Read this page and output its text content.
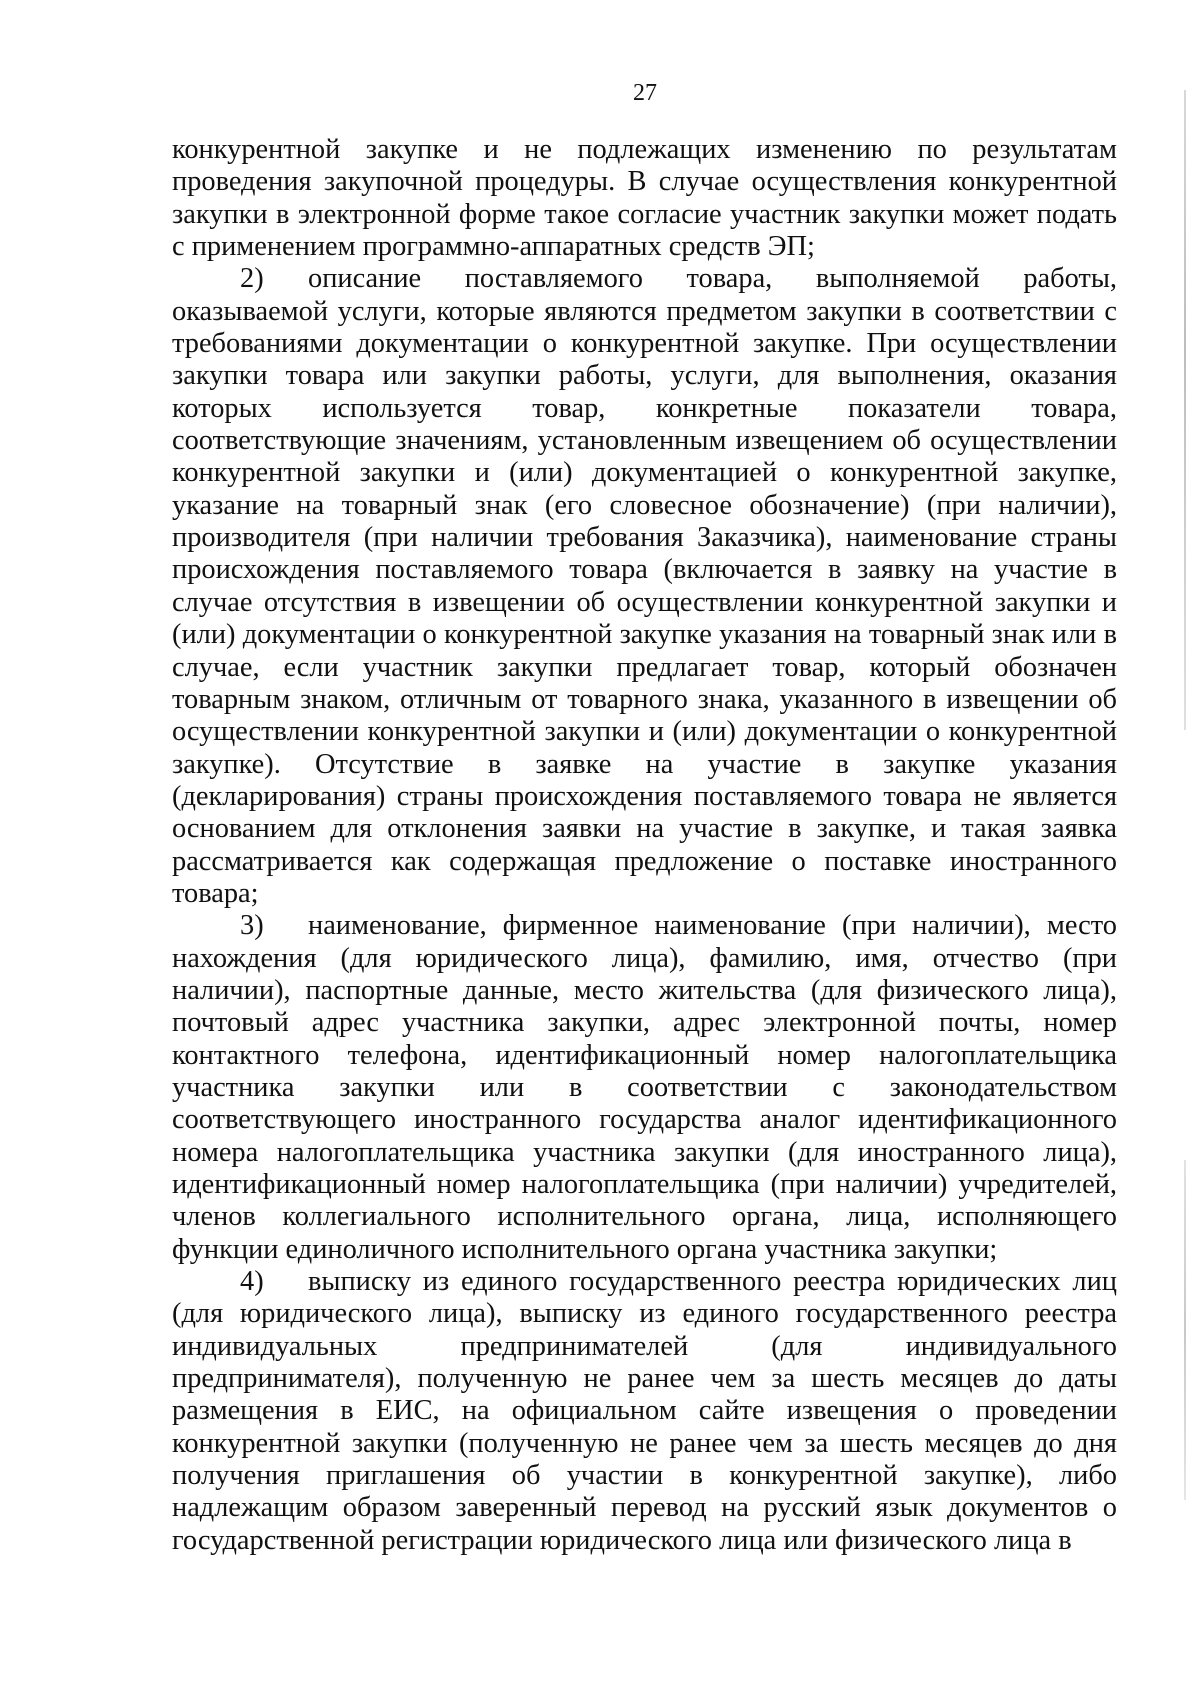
27

конкурентной закупке и не подлежащих изменению по результатам проведения закупочной процедуры. В случае осуществления конкурентной закупки в электронной форме такое согласие участник закупки может подать с применением программно-аппаратных средств ЭП;

2) описание поставляемого товара, выполняемой работы, оказываемой услуги, которые являются предметом закупки в соответствии с требованиями документации о конкурентной закупке. При осуществлении закупки товара или закупки работы, услуги, для выполнения, оказания которых используется товар, конкретные показатели товара, соответствующие значениям, установленным извещением об осуществлении конкурентной закупки и (или) документацией о конкурентной закупке, указание на товарный знак (его словесное обозначение) (при наличии), производителя (при наличии требования Заказчика), наименование страны происхождения поставляемого товара (включается в заявку на участие в случае отсутствия в извещении об осуществлении конкурентной закупки и (или) документации о конкурентной закупке указания на товарный знак или в случае, если участник закупки предлагает товар, который обозначен товарным знаком, отличным от товарного знака, указанного в извещении об осуществлении конкурентной закупки и (или) документации о конкурентной закупке). Отсутствие в заявке на участие в закупке указания (декларирования) страны происхождения поставляемого товара не является основанием для отклонения заявки на участие в закупке, и такая заявка рассматривается как содержащая предложение о поставке иностранного товара;

3) наименование, фирменное наименование (при наличии), место нахождения (для юридического лица), фамилию, имя, отчество (при наличии), паспортные данные, место жительства (для физического лица), почтовый адрес участника закупки, адрес электронной почты, номер контактного телефона, идентификационный номер налогоплательщика участника закупки или в соответствии с законодательством соответствующего иностранного государства аналог идентификационного номера налогоплательщика участника закупки (для иностранного лица), идентификационный номер налогоплательщика (при наличии) учредителей, членов коллегиального исполнительного органа, лица, исполняющего функции единоличного исполнительного органа участника закупки;

4) выписку из единого государственного реестра юридических лиц (для юридического лица), выписку из единого государственного реестра индивидуальных предпринимателей (для индивидуального предпринимателя), полученную не ранее чем за шесть месяцев до даты размещения в ЕИС, на официальном сайте извещения о проведении конкурентной закупки (полученную не ранее чем за шесть месяцев до дня получения приглашения об участии в конкурентной закупке), либо надлежащим образом заверенный перевод на русский язык документов о государственной регистрации юридического лица или физического лица в
